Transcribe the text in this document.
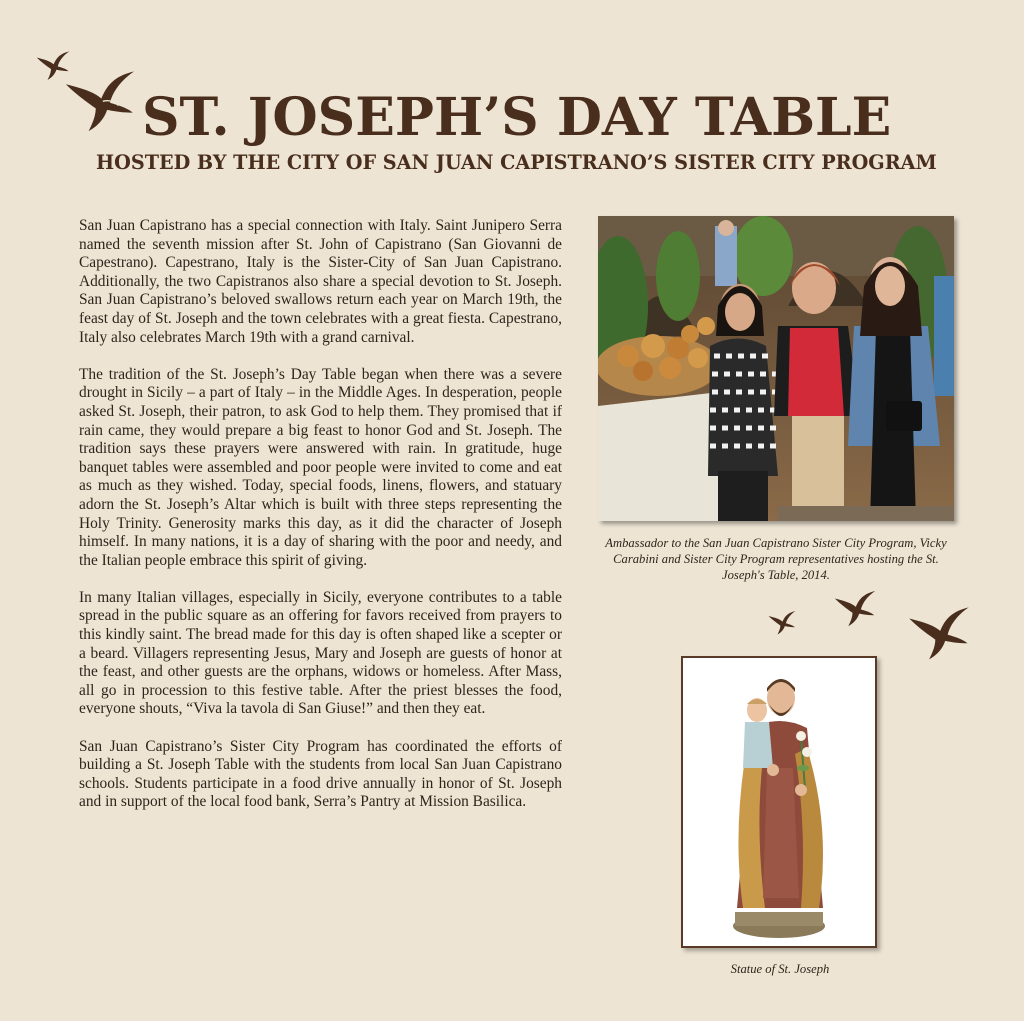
ST. JOSEPH’S DAY TABLE
HOSTED BY THE CITY OF SAN JUAN CAPISTRANO’S SISTER CITY PROGRAM

San Juan Capistrano has a special connection with Italy. Saint Junipero Serra named the seventh mission after St. John of Capistrano (San Giovanni de Capestrano). Capestrano, Italy is the Sister-City of San Juan Capistrano. Additionally, the two Capistranos also share a special devotion to St. Joseph. San Juan Capistrano’s beloved swallows return each year on March 19th, the feast day of St. Joseph and the town celebrates with a great fiesta. Capestrano, Italy also celebrates March 19th with a grand carnival.

The tradition of the St. Joseph’s Day Table began when there was a severe drought in Sicily – a part of Italy – in the Middle Ages. In desperation, people asked St. Joseph, their patron, to ask God to help them. They promised that if rain came, they would prepare a big feast to honor God and St. Joseph. The tradition says these prayers were answered with rain. In gratitude, huge banquet tables were assembled and poor people were invited to come and eat as much as they wished. Today, special foods, linens, flowers, and statuary adorn the St. Joseph’s Altar which is built with three steps representing the Holy Trinity. Generosity marks this day, as it did the character of Joseph himself. In many nations, it is a day of sharing with the poor and needy, and the Italian people embrace this spirit of giving.

In many Italian villages, especially in Sicily, everyone contributes to a table spread in the public square as an offering for favors received from prayers to this kindly saint. The bread made for this day is often shaped like a scepter or a beard. Villagers representing Jesus, Mary and Joseph are guests of honor at the feast, and other guests are the orphans, widows or homeless. After Mass, all go in procession to this festive table. After the priest blesses the food, everyone shouts, “Viva la tavola di San Giuse!” and then they eat.

San Juan Capistrano’s Sister City Program has coordinated the efforts of building a St. Joseph Table with the students from local San Juan Capistrano schools. Students participate in a food drive annually in honor of St. Joseph and in support of the local food bank, Serra’s Pantry at Mission Basilica.

Ambassador to the San Juan Capistrano Sister City Program, Vicky Carabini and Sister City Program representatives hosting the St. Joseph's Table, 2014.
Statue of St. Joseph
